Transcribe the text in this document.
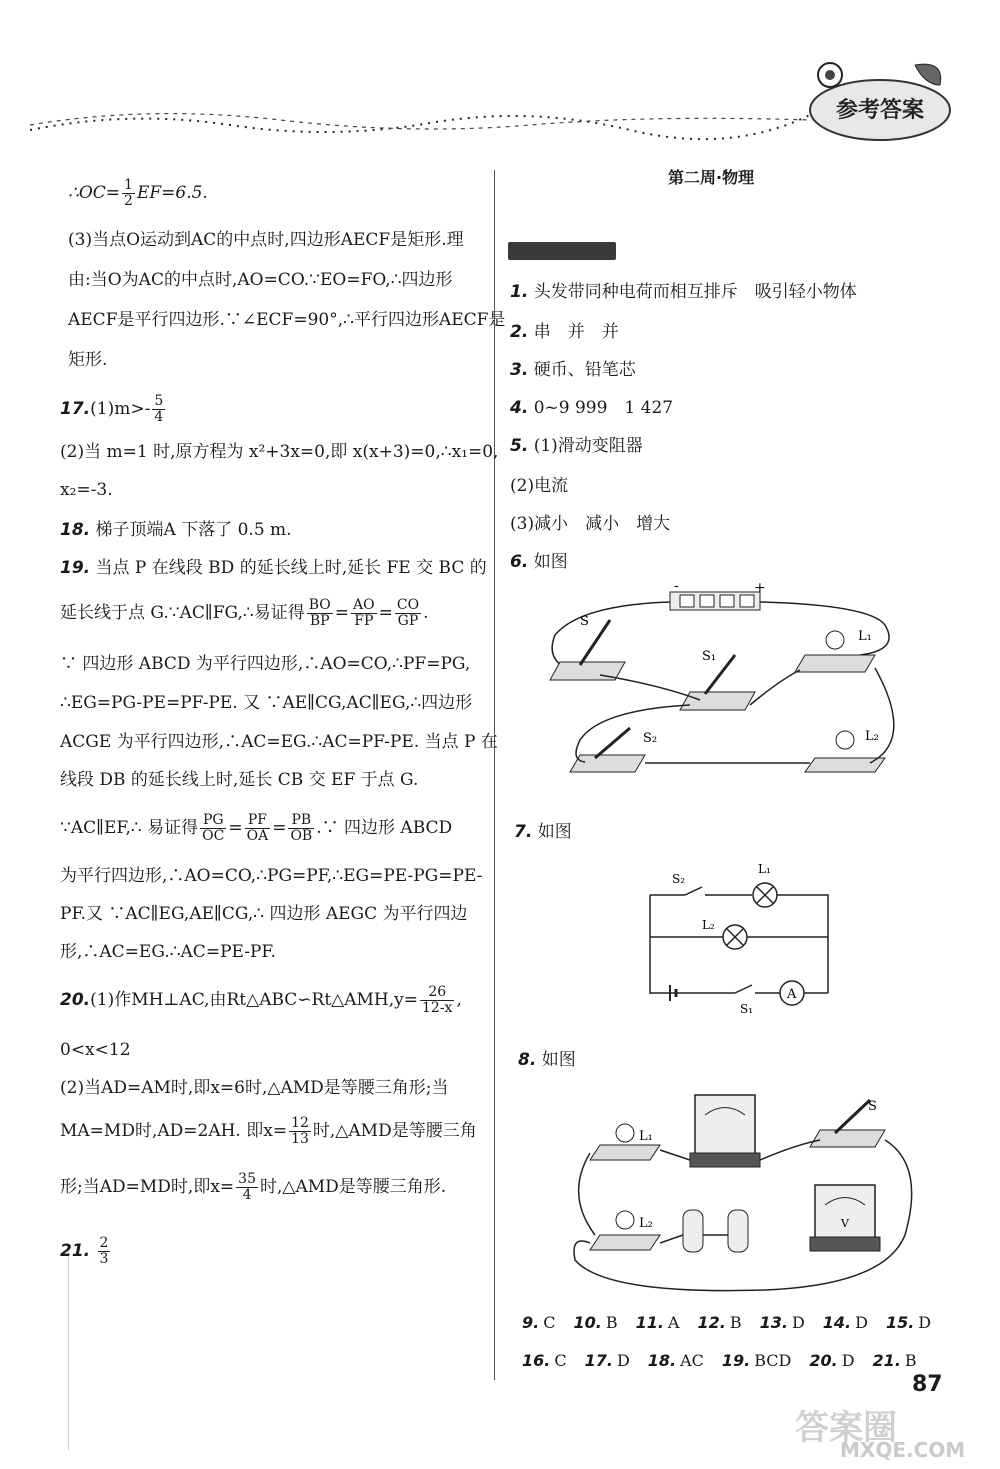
参考答案
∴OC= $\frac{1}{2} EF=6.5$.
(3)当点O运动到AC的中点时,四边形AECF是矩形.理
由:当O为AC的中点时,AO=CO.∵EO=FO,∴四边形
AECF是平行四边形.∵∠ECF=90°,∴平行四边形AECF是
矩形.
$17.(1)m>- \frac{5}{4}$
(2)当 m=1 时,原方程为 x²+3x=0,即 x(x+3)=0,∴x₁=0,
x₂=-3.
18. 梯子顶端A 下落了 0.5 m.
19. 当点 P 在线段 BD 的延长线上时,延长 FE 交 BC 的
延长线于点 G.∵AC∥FG,∴易证得 $\frac{BO}{BP} = \frac{AO}{FP} = \frac{CO}{GP}$ .
∵ 四边形 ABCD 为平行四边形,∴AO=CO,∴PF=PG,
∴EG=PG-PE=PF-PE. 又 ∵AE∥CG,AC∥EG,∴四边形
ACGE 为平行四边形,∴AC=EG.∴AC=PF-PE. 当点 P 在
线段 DB 的延长线上时,延长 CB 交 EF 于点 G.
∵AC∥EF,∴ 易证得 $\frac{PG}{OC} = \frac{PF}{OA} = \frac{PB}{OB}$ .∵ 四边形 ABCD
为平行四边形,∴AO=CO,∴PG=PF,∴EG=PE-PG=PE-
PF.又 ∵AC∥EG,AE∥CG,∴ 四边形 AEGC 为平行四边
形,∴AC=EG.∴AC=PE-PF.
20.(1)作MH⊥AC,由Rt△ABC∽Rt△AMH,y= $\frac{26}{12-x}$ ,
0<x<12
(2)当AD=AM时,即x=6时,△AMD是等腰三角形;当
MA=MD时,AD=2AH. 即$x= \frac{12}{13}$ 时,△AMD是等腰三角
形;当AD=MD时,即$x= \frac{35}{4}$ 时,△AMD是等腰三角形.
21. $\frac{2}{3}$
第二周·物理
1. 头发带同种电荷而相互排斥　吸引轻小物体
2. 串　并　并
3. 硬币、铅笔芯
4. 0~9 999　1 427
5. (1)滑动变阻器
(2)电流
(3)减小　减小　增大
6. 如图
-	+
S
S₁
L₁
S₂	L₂
7. 如图
A
S₂
L₁
L₂
S₁
8. 如图
S
L₁
L₂	V
9. C 10. B 11. A 12. B 13. D 14. D 15. D
16. C 17. D 18. AC 19. BCD 20. D 21. B
87
答案圈
MXQE.COM
